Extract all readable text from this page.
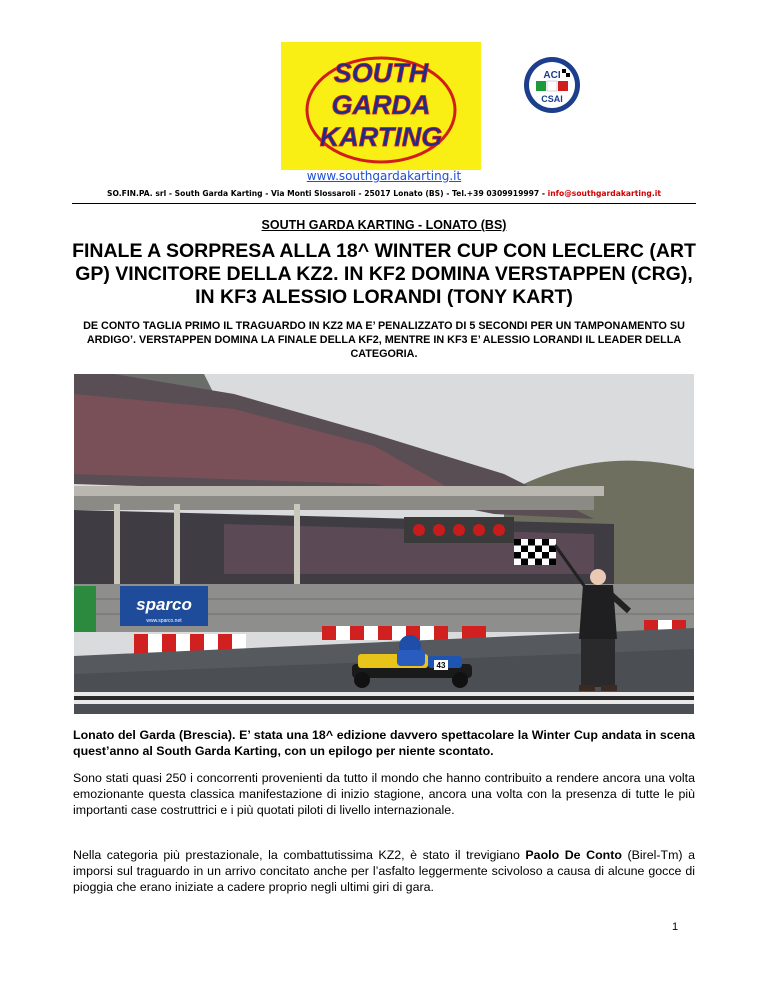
SOUTH
GARDA
KARTING
ACI
CSAI
www.southgardakarting.it
SO.FIN.PA. srl - South Garda Karting - Via Monti Slossaroli - 25017 Lonato (BS) - Tel.+39 0309919997 - info@southgardakarting.it
SOUTH GARDA KARTING - LONATO (BS)
FINALE A SORPRESA ALLA 18^ WINTER CUP CON LECLERC (ART GP) VINCITORE DELLA KZ2. IN KF2 DOMINA VERSTAPPEN (CRG), IN KF3 ALESSIO LORANDI (TONY KART)
DE CONTO TAGLIA PRIMO IL TRAGUARDO IN KZ2 MA E’ PENALIZZATO DI 5 SECONDI PER UN TAMPONAMENTO SU ARDIGO’. VERSTAPPEN DOMINA LA FINALE DELLA KF2, MENTRE IN KF3 E’ ALESSIO LORANDI IL LEADER DELLA CATEGORIA.
sparco
www.sparco.net
43
Lonato del Garda (Brescia). E’ stata una 18^ edizione davvero spettacolare la Winter Cup andata in scena quest’anno al South Garda Karting, con un epilogo per niente scontato.
Sono stati quasi 250 i concorrenti provenienti da tutto il mondo che hanno contribuito a rendere ancora una volta emozionante questa classica manifestazione di inizio stagione, ancora una volta con la presenza di tutte le più importanti case costruttrici e i più quotati piloti di livello internazionale.
Nella categoria più prestazionale, la combattutissima KZ2, è stato il trevigiano Paolo De Conto (Birel-Tm) a imporsi sul traguardo in un arrivo concitato anche per l’asfalto leggermente scivoloso a causa di alcune gocce di pioggia che erano iniziate a cadere proprio negli ultimi giri di gara.
1
